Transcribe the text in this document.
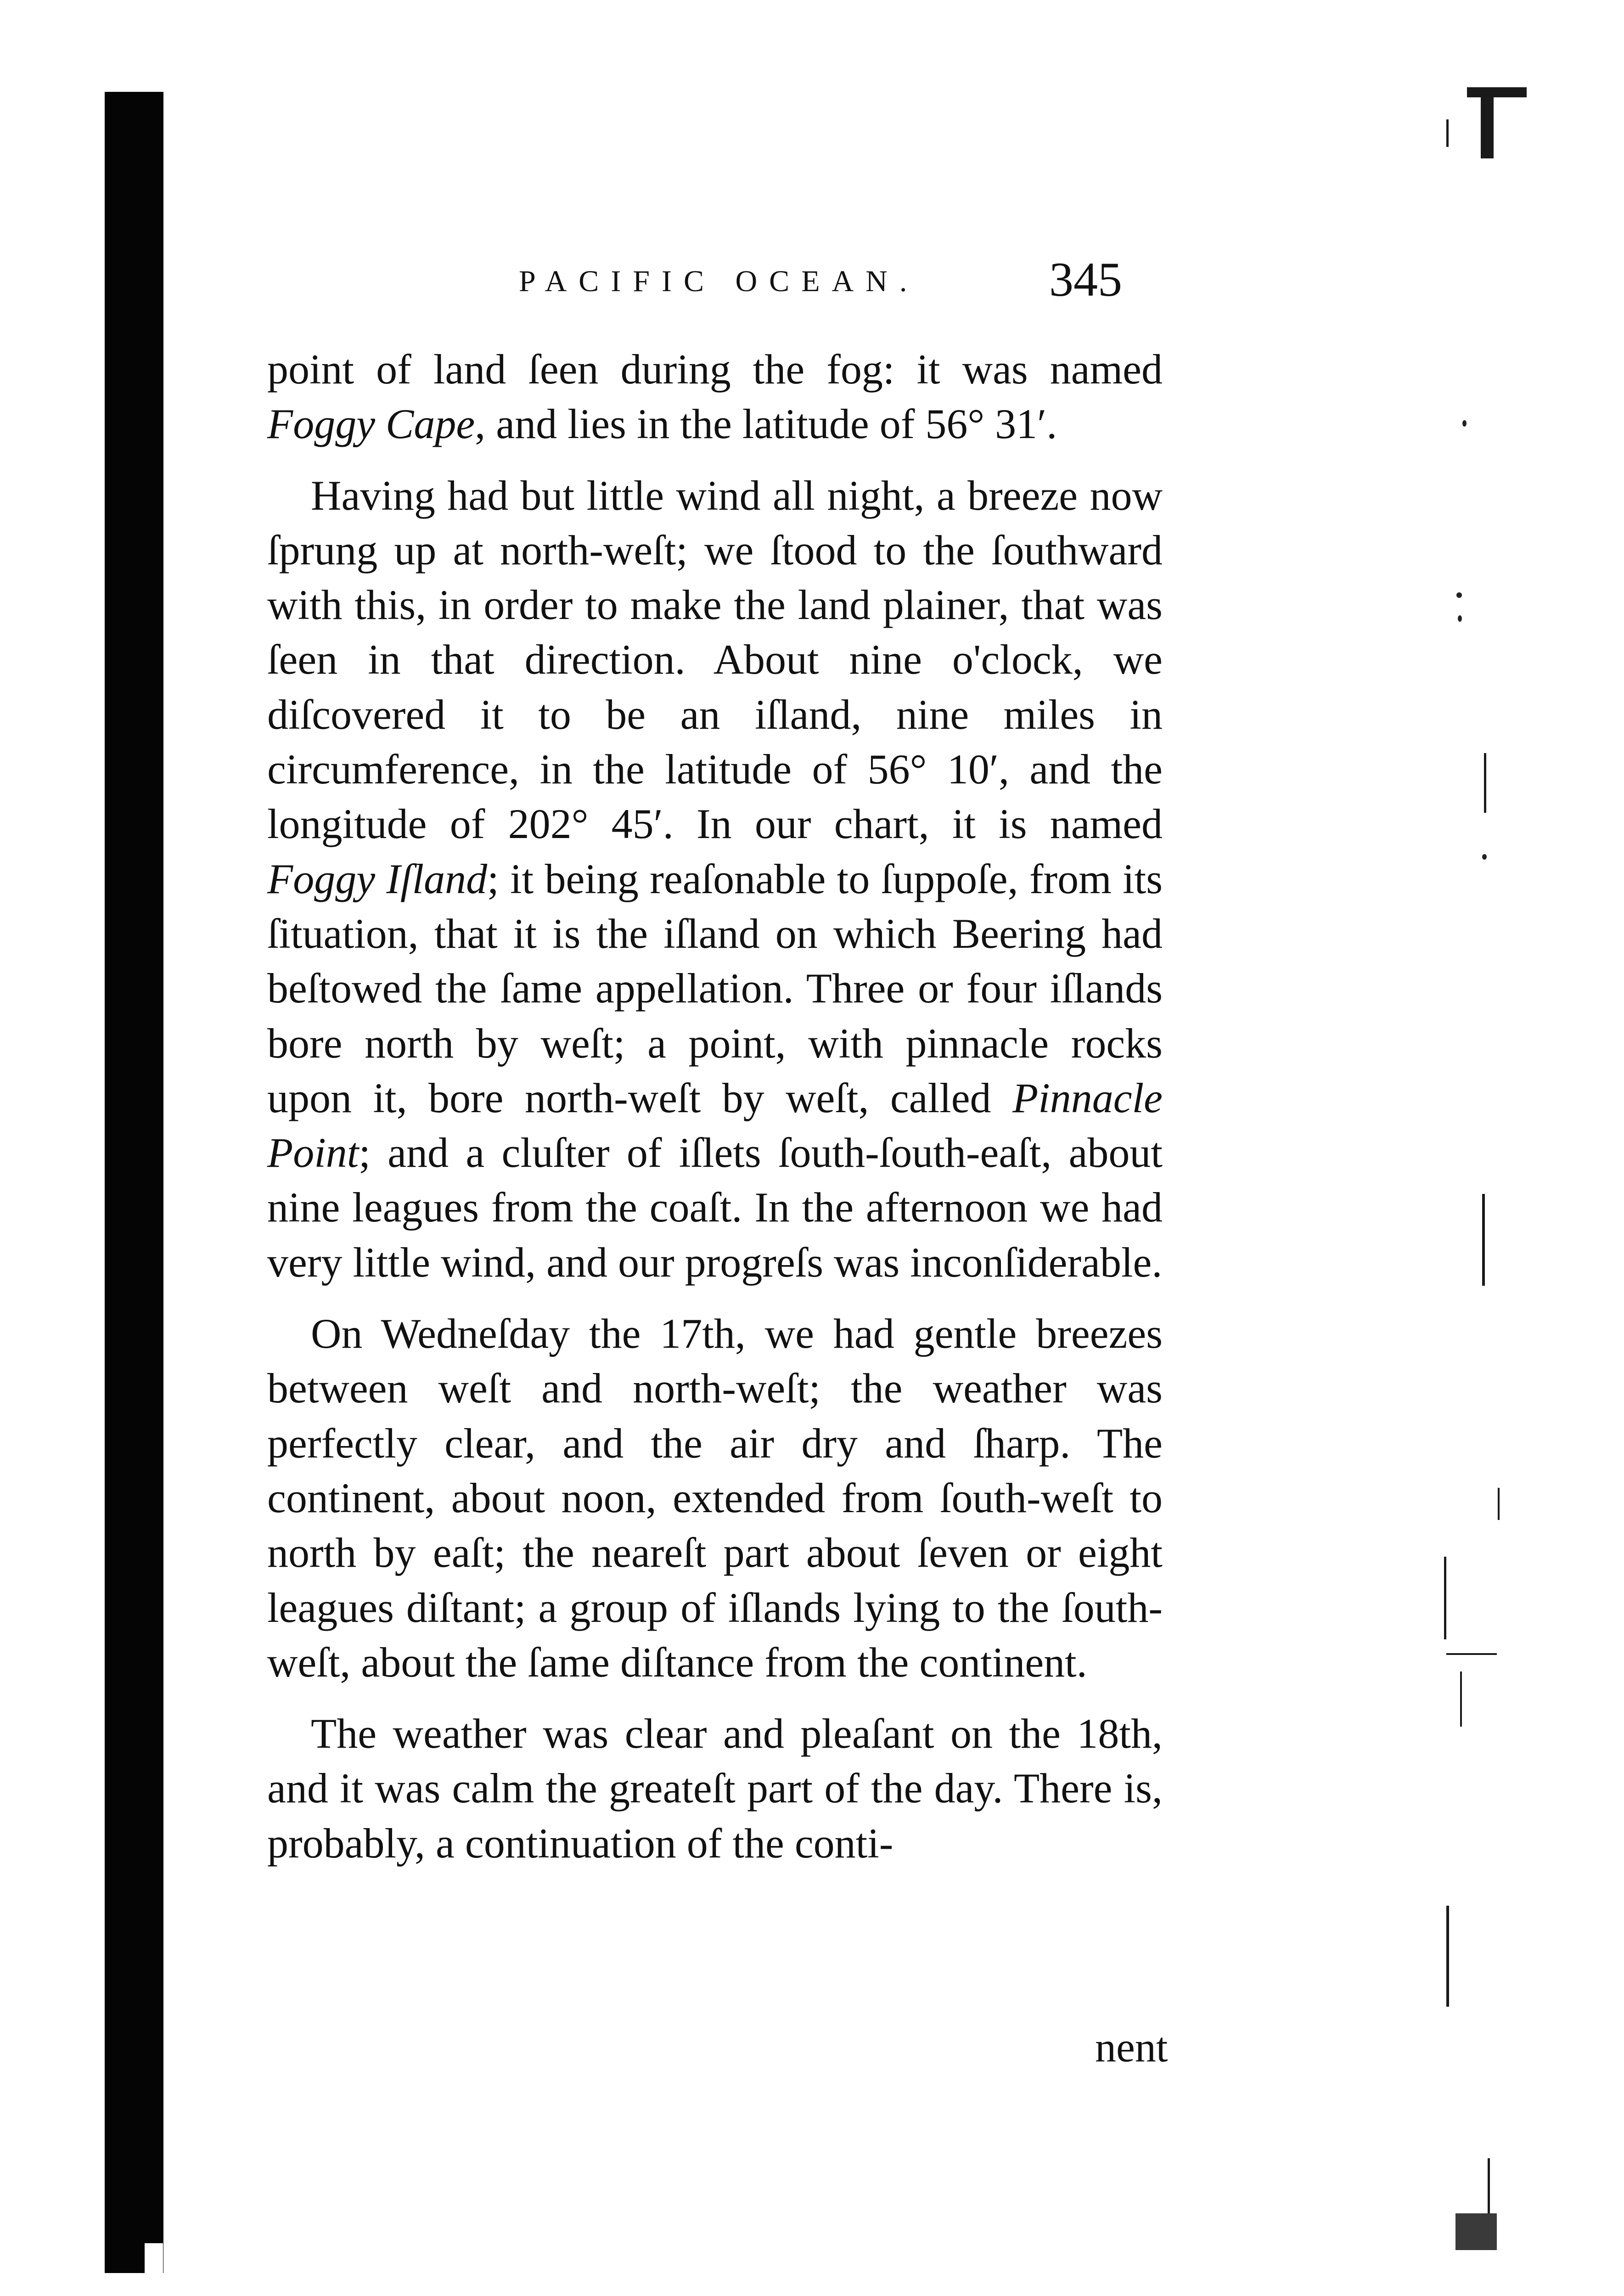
PACIFIC OCEAN.	345

point of land ſeen during the fog: it was named Foggy Cape, and lies in the latitude of 56° 31′.

Having had but little wind all night, a breeze now ſprung up at north-weſt; we ſtood to the ſouthward with this, in order to make the land plainer, that was ſeen in that direction. About nine o'clock, we diſcovered it to be an iſland, nine miles in circumference, in the latitude of 56° 10′, and the longitude of 202° 45′. In our chart, it is named Foggy Iſland; it being reaſonable to ſuppoſe, from its ſituation, that it is the iſland on which Beering had beſtowed the ſame appellation. Three or four iſlands bore north by weſt; a point, with pinnacle rocks upon it, bore north-weſt by weſt, called Pinnacle Point; and a cluſter of iſlets ſouth-ſouth-eaſt, about nine leagues from the coaſt. In the afternoon we had very little wind, and our progreſs was inconſiderable.

On Wedneſday the 17th, we had gentle breezes between weſt and north-weſt; the weather was perfectly clear, and the air dry and ſharp. The continent, about noon, extended from ſouth-weſt to north by eaſt; the neareſt part about ſeven or eight leagues diſtant; a group of iſlands lying to the ſouth-weſt, about the ſame diſtance from the continent.

The weather was clear and pleaſant on the 18th, and it was calm the greateſt part of the day. There is, probably, a continuation of the conti-

nent
